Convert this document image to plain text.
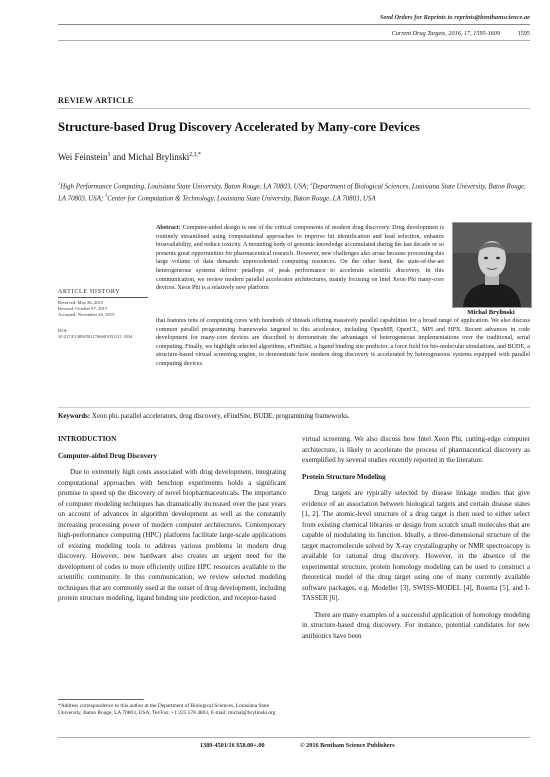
Send Orders for Reprints to reprints@benthamscience.ae
Current Drug Targets, 2016, 17, 1595-1609	1595
REVIEW ARTICLE
Structure-based Drug Discovery Accelerated by Many-core Devices
Wei Feinstein$^1$ and Michal Brylinski$^{2,3,*}$
$^1$High Performance Computing, Louisiana State University, Baton Rouge, LA 70803, USA; $^2$Department of Biological Sciences, Louisiana State University, Baton Rouge, LA 70803, USA; $^3$Center for Computation & Technology, Louisiana State University, Baton Rouge, LA 70803, USA
ARTICLE HISTORY
Received: May 26, 2015
Revised: October 07, 2015
Accepted: November 20, 2015
DOI:
10.2174/138945011766601031211 1834
Abstract: Computer-aided design is one of the critical components of modern drug discovery. Drug development is routinely streamlined using computational approaches to improve hit identification and lead selection, enhance bioavailability, and reduce toxicity. A mounting body of genomic knowledge accumulated during the last decade or so presents great opportunities for pharmaceutical research. However, new challenges also arose because processing this large volume of data demands unprecedented computing resources. On the other hand, the state-of-the-art heterogeneous systems deliver petaflops of peak performance to accelerate scientific discovery. In this communication, we review modern parallel accelerator architectures, mainly focusing on Intel Xeon Phi many-core devices. Xeon Phi is a relatively new platform
that features tens of computing cores with hundreds of threads offering massively parallel capabilities for a broad range of application. We also discuss common parallel programming frameworks targeted to this accelerator, including OpenMP, OpenCL, MPI and HPX. Recent advances in code development for many-core devices are described to demonstrate the advantages of heterogeneous implementations over the traditional, serial computing. Finally, we highlight selected algorithms, eFindSite, a ligand binding site predictor, a force field for bio-molecular simulations, and BUDE, a structure-based virtual screening engine, to demonstrate how modern drug discovery is accelerated by heterogeneous systems equipped with parallel computing devices.
Michal Brylinski
Keywords: Xeon phi, parallel accelerators, drug discovery, eFindSite, BUDE, programming frameworks.
INTRODUCTION
Computer-aided Drug Discovery

Due to extremely high costs associated with drug development, integrating computational approaches with benchtop experiments holds a significant promise to speed up the discovery of novel biopharmaceuticals. The importance of computer modeling techniques has dramatically increased over the past years on account of advances in algorithm development as well as the constantly increasing processing power of modern computer architectures. Contemporary high-performance computing (HPC) platforms facilitate large-scale applications of existing modeling tools to address various problems in modern drug discovery. However, new hardware also creates an urgent need for the development of codes to more efficiently utilize HPC resources available to the scientific community. In this communication, we review selected modeling techniques that are commonly used at the outset of drug development, including protein structure modeling, ligand binding site prediction, and receptor-based

virtual screening. We also discuss how Intel Xeon Phi, cutting-edge computer architecture, is likely to accelerate the process of pharmaceutical discovery as exemplified by several studies recently reported in the literature.

Protein Structure Modeling

Drug targets are typically selected by disease linkage studies that give evidence of an association between biological targets and certain disease states [1, 2]. The atomic-level structure of a drug target is then used to either select from existing chemical libraries or design from scratch small molecules that are capable of modulating its function. Ideally, a three-dimensional structure of the target macromolecule solved by X-ray crystallography or NMR spectroscopy is available for rational drug discovery. However, in the absence of the experimental structure, protein homology modeling can be used to construct a theoretical model of the drug target using one of many currently available software packages, e.g. Modeller [3], SWISS-MODEL [4], Rosetta [5], and I-TASSER [6].

There are many examples of a successful application of homology modeling in structure-based drug discovery. For instance, potential candidates for new antibiotics have been

*Address correspondence to this author at the Department of Biological Sciences, Louisiana State University, Baton Rouge, LA 70803, USA; Tel/Fax: +1 225 578 4803, E-mail: michal@brylinski.org
1389-4501/16 $58.00+.00	© 2016 Bentham Science Publishers
